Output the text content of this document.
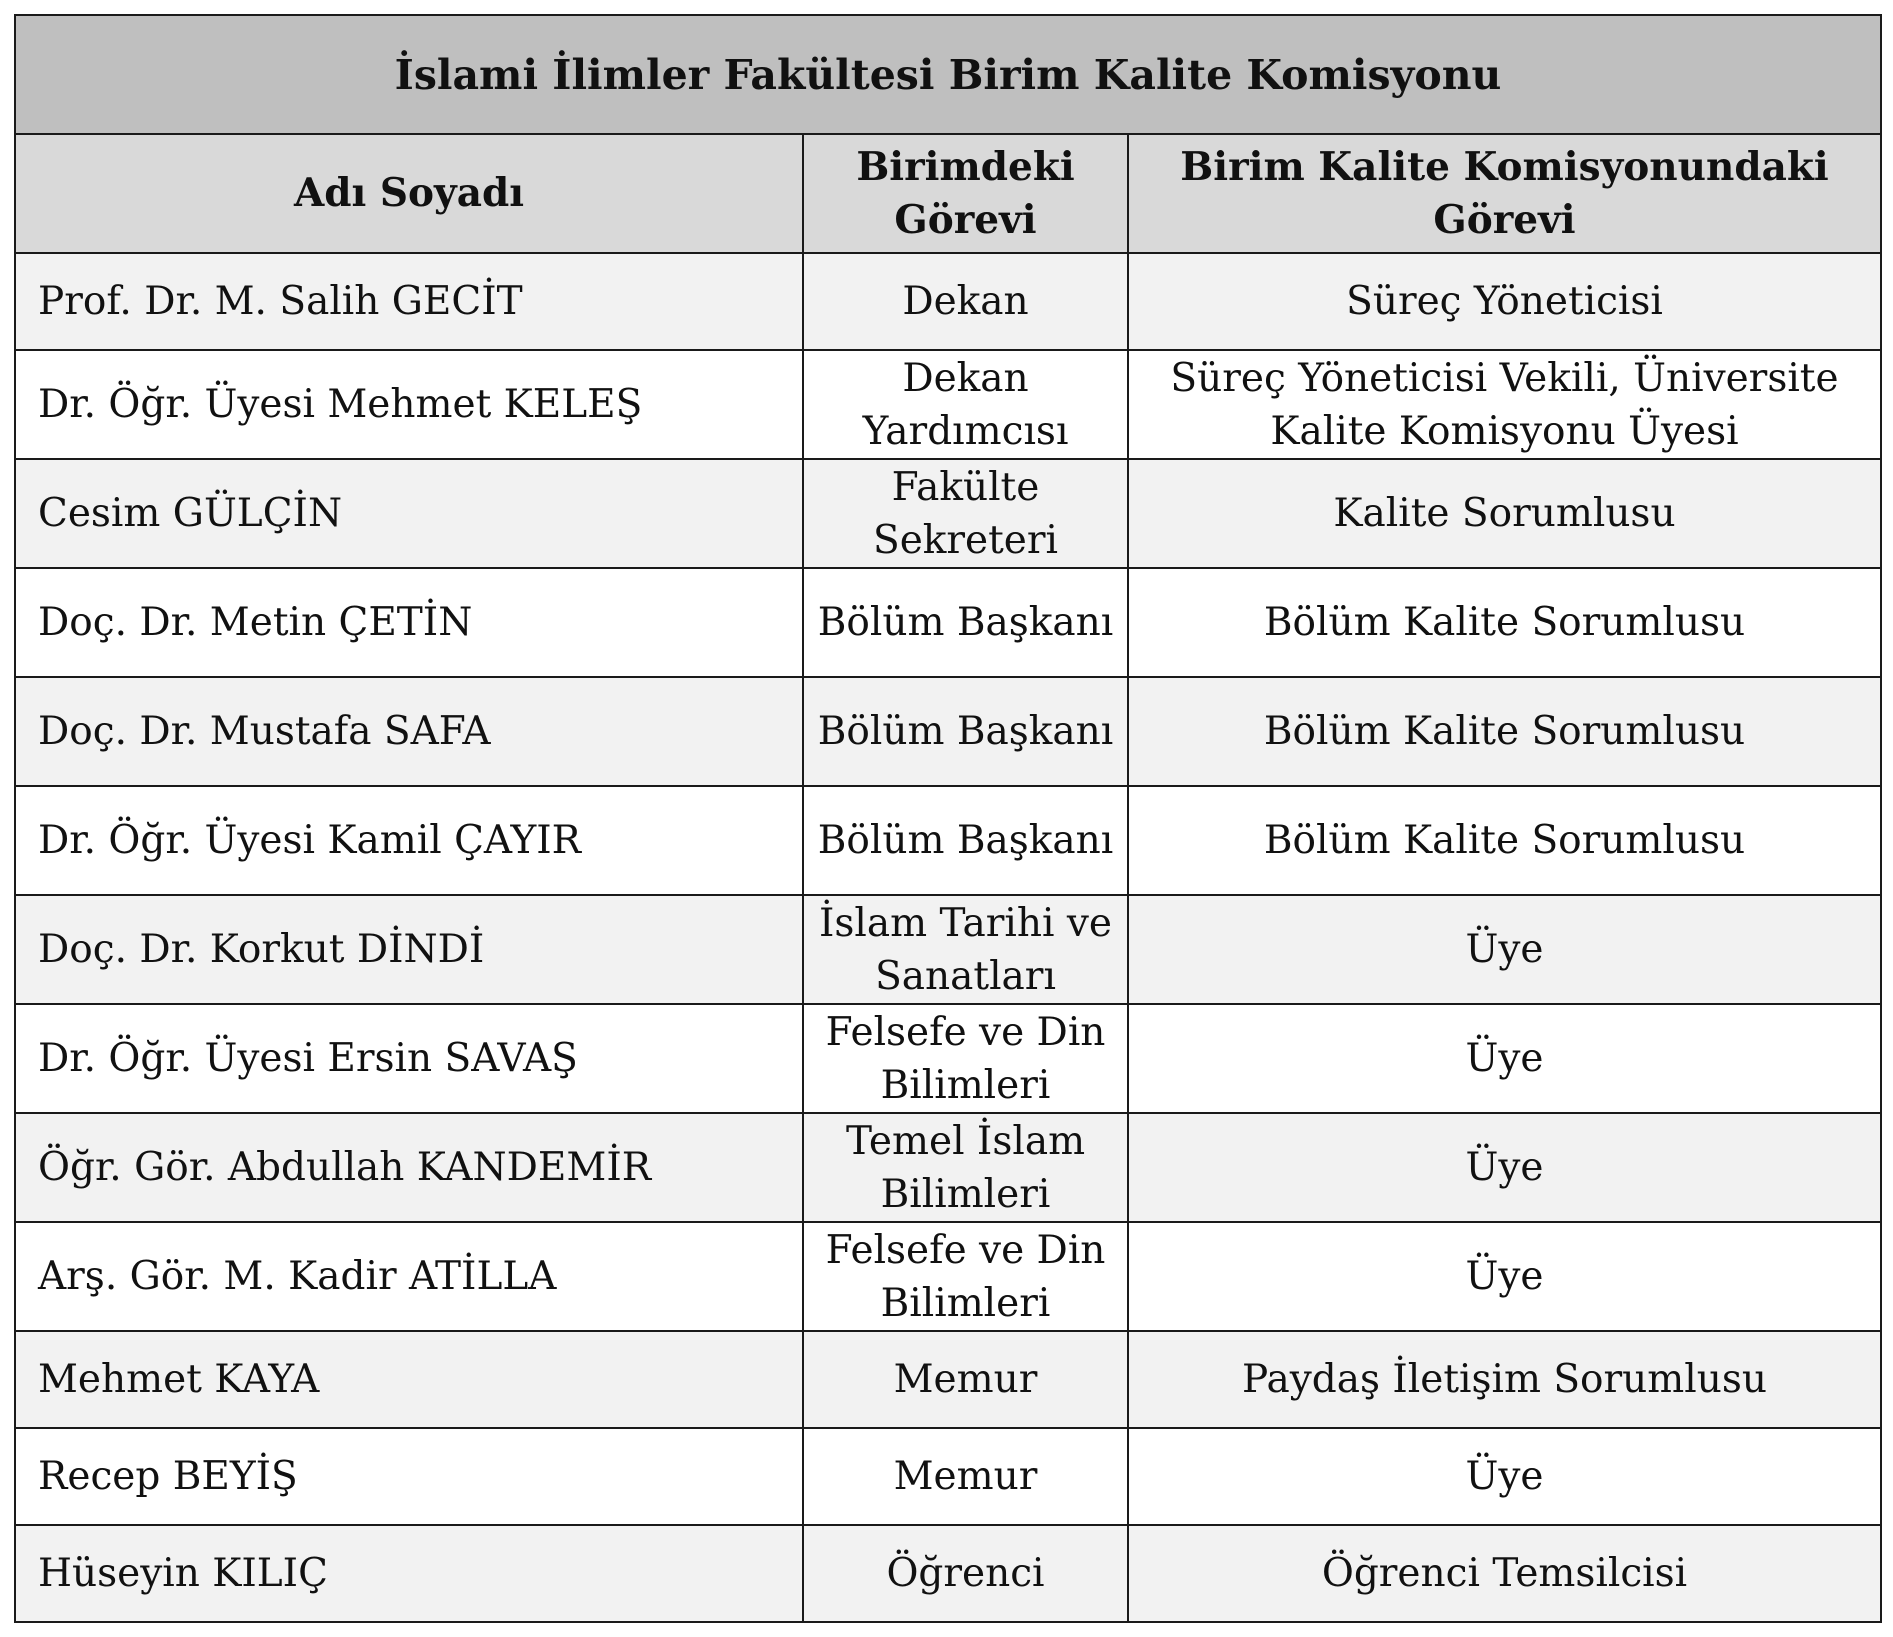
İslami İlimler Fakültesi Birim Kalite Komisyonu		
Adı Soyadı	Birimdeki Görevi	Birim Kalite Komisyonundaki Görevi
Prof. Dr. M. Salih GECİT	Dekan	Süreç Yöneticisi
Dr. Öğr. Üyesi Mehmet KELEŞ	Dekan Yardımcısı	Süreç Yöneticisi Vekili, Üniversite Kalite Komisyonu Üyesi
Cesim GÜLÇİN	Fakülte Sekreteri	Kalite Sorumlusu
Doç. Dr. Metin ÇETİN	Bölüm Başkanı	Bölüm Kalite Sorumlusu
Doç. Dr. Mustafa SAFA	Bölüm Başkanı	Bölüm Kalite Sorumlusu
Dr. Öğr. Üyesi Kamil ÇAYIR	Bölüm Başkanı	Bölüm Kalite Sorumlusu
Doç. Dr. Korkut DİNDİ	İslam Tarihi ve Sanatları	Üye
Dr. Öğr. Üyesi Ersin SAVAŞ	Felsefe ve Din Bilimleri	Üye
Öğr. Gör. Abdullah KANDEMİR	Temel İslam Bilimleri	Üye
Arş. Gör. M. Kadir ATİLLA	Felsefe ve Din Bilimleri	Üye
Mehmet KAYA	Memur	Paydaş İletişim Sorumlusu
Recep BEYİŞ	Memur	Üye
Hüseyin KILIÇ	Öğrenci	Öğrenci Temsilcisi
